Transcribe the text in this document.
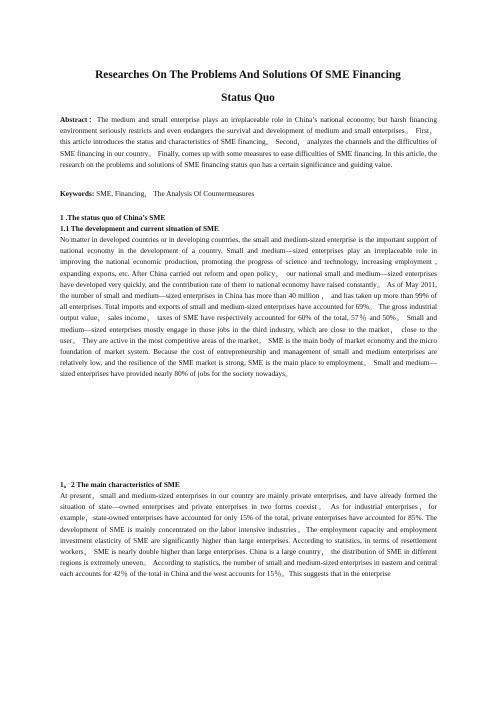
Researches On The Problems And Solutions Of SME Financing
Status Quo

Abstract：The medium and small enterprise plays an irreplaceable role in China’s national economy, but harsh financing environment seriously restricts and even endangers the survival and development of medium and small enterprises。 First， this article introduces the status and characteristics of SME financing。 Second， analyzes the channels and the difficulties of SME financing in our country。 Finally, comes up with some measures to ease difficulties of SME financing. In this article, the research on the problems and solutions of SME financing status quo has a certain significance and guiding value.

Keywords: SME, Financing， The Analysis Of Countermeasures

1 .The status quo of China’s SME
1.1 The development and current situation of SME

No matter in developed countries or in developing countries, the small and medium-sized enterprise is the important support of national economy in the development of a country. Small and medium—sized enterprises play an irreplaceable role in improving the national economic production, promoting the progress of science and technology, increasing employment , expanding exports, etc. After China carried out reform and open policy， our national small and medium—sized enterprises have developed very quickly, and the contribution rate of them to national economy have raised constantly。 As of May 2011, the number of small and medium—sized enterprises in China has more than 40 million ， and has taken up more than 99% of all enterprises. Total imports and exports of small and medium-sized enterprises have accounted for 69%。 The gross industrial output value， sales income， taxes of SME have respectively accounted for 60% of the total, 57％ and 50%。 Small and medium—sized enterprises mostly engage in those jobs in the third industry, which are close to the market， close to the user。 They are active in the most competitive areas of the market。 SME is the main body of market economy and the micro foundation of market system. Because the cost of entrepreneurship and management of small and medium enterprises are relatively low, and the resilience of the SME market is strong, SME is the main place to employment。 Small and medium—sized enterprises have provided nearly 80% of jobs for the society nowadays。

1。2 The main characteristics of SME

At present，small and medium-sized enterprises in our country are mainly private enterprises, and have already formed the situation of state—owned enterprises and private enterprises in two forms coexist。 As for industrial enterprises，for example，state-owned enterprises have accounted for only 15% of the total, private enterprises have accounted for 85%. The development of SME is mainly concentrated on the labor intensive industries。The employment capacity and employment investment elasticity of SME are significantly higher than large enterprises. According to statistics, in terms of resettlement workers， SME is nearly double higher than large enterprises. China is a large country， the distribution of SME in different regions is extremely uneven。 According to statistics, the number of small and medium-sized enterprises in eastern and central each accounts for 42％ of the total in China and the west accounts for 15％。This suggests that in the enterprise
